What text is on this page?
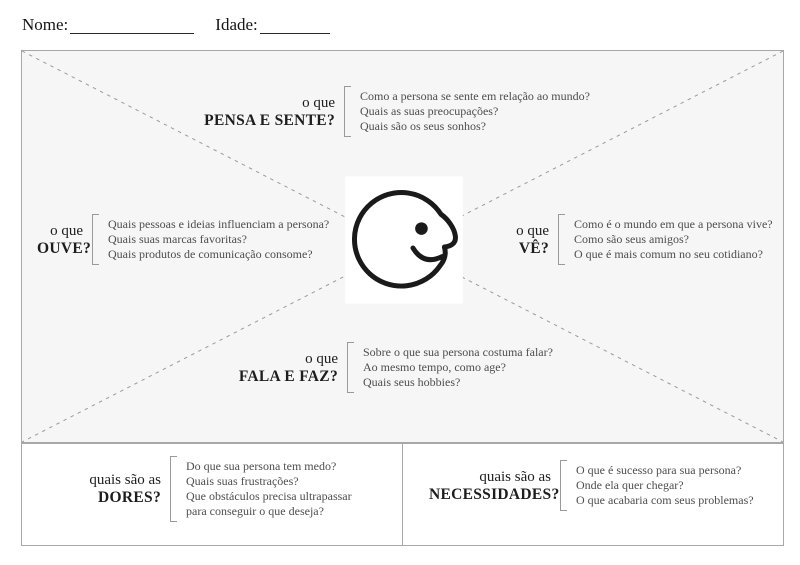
Nome:	Idade:
o que
PENSA E SENTE?
Como a persona se sente em relação ao mundo?
Quais as suas preocupações?
Quais são os seus sonhos?
o que
OUVE?
Quais pessoas e ideias influenciam a persona?
Quais suas marcas favoritas?
Quais produtos de comunicação consome?
o que
VÊ?
Como é o mundo em que a persona vive?
Como são seus amigos?
O que é mais comum no seu cotidiano?
o que
FALA E FAZ?
Sobre o que sua persona costuma falar?
Ao mesmo tempo, como age?
Quais seus hobbies?
quais são as
DORES?
Do que sua persona tem medo?
Quais suas frustrações?
Que obstáculos precisa ultrapassar
para conseguir o que deseja?
quais são as
NECESSIDADES?
O que é sucesso para sua persona?
Onde ela quer chegar?
O que acabaria com seus problemas?
